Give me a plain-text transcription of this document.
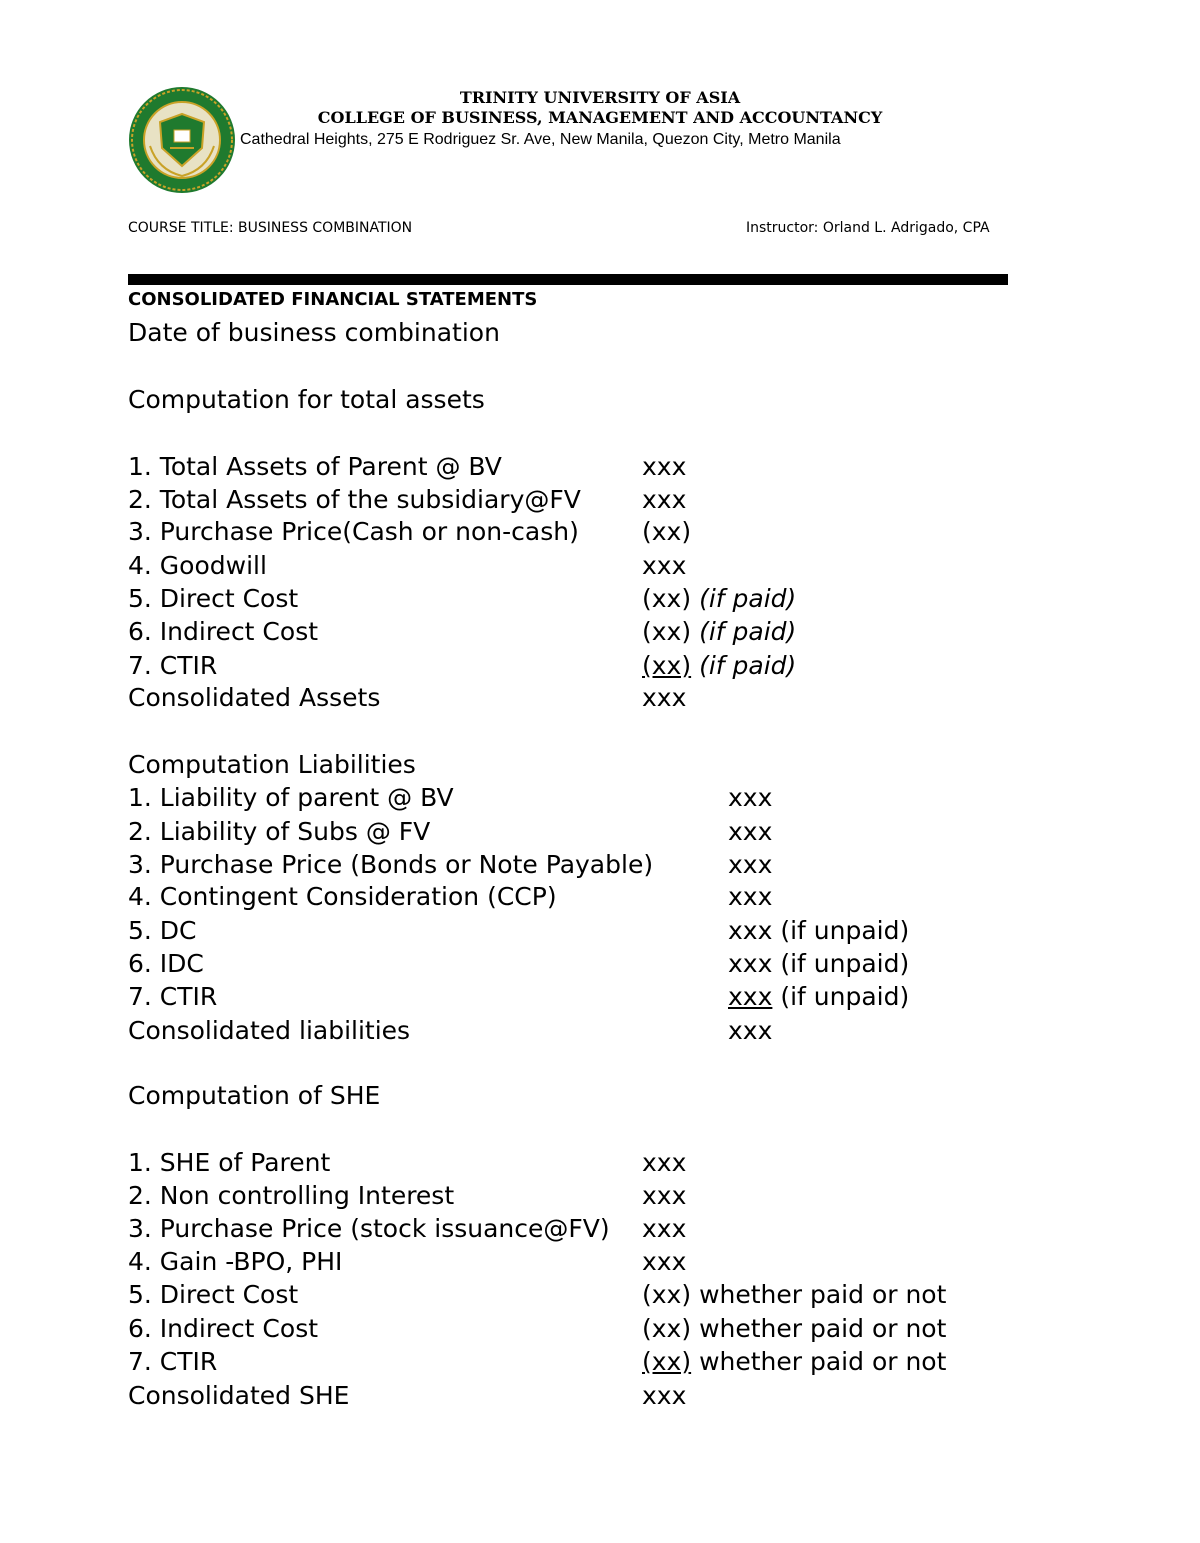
TRINITY UNIVERSITY OF ASIA
COLLEGE OF BUSINESS, MANAGEMENT AND ACCOUNTANCY
Cathedral Heights, 275 E Rodriguez Sr. Ave, New Manila, Quezon City, Metro Manila
COURSE TITLE: BUSINESS COMBINATION	Instructor: Orland L. Adrigado, CPA
CONSOLIDATED FINANCIAL STATEMENTS
Date of business combination
Computation for total assets
1. Total Assets of Parent @ BV	xxx
2. Total Assets of the subsidiary@FV xxx
3. Purchase Price(Cash or non-cash)	(xx)
4. Goodwill	xxx
5. Direct Cost	(xx) (if paid)
6. Indirect Cost	(xx) (if paid)
7. CTIR	(xx) (if paid)
Consolidated Assets	xxx
Computation Liabilities
1. Liability of parent @ BV	xxx
2. Liability of Subs @ FV	xxx
3. Purchase Price (Bonds or Note Payable)	xxx
4. Contingent Consideration (CCP)	xxx
5. DC	xxx (if unpaid)
6. IDC	xxx (if unpaid)
7. CTIR	xxx (if unpaid)
Consolidated liabilities	xxx
Computation of SHE
1. SHE of Parent	xxx
2. Non controlling Interest	xxx
3. Purchase Price (stock issuance@FV) xxx
4. Gain -BPO, PHI	xxx
5. Direct Cost	(xx) whether paid or not
6. Indirect Cost	(xx) whether paid or not
7. CTIR	(xx) whether paid or not
Consolidated SHE	xxx
